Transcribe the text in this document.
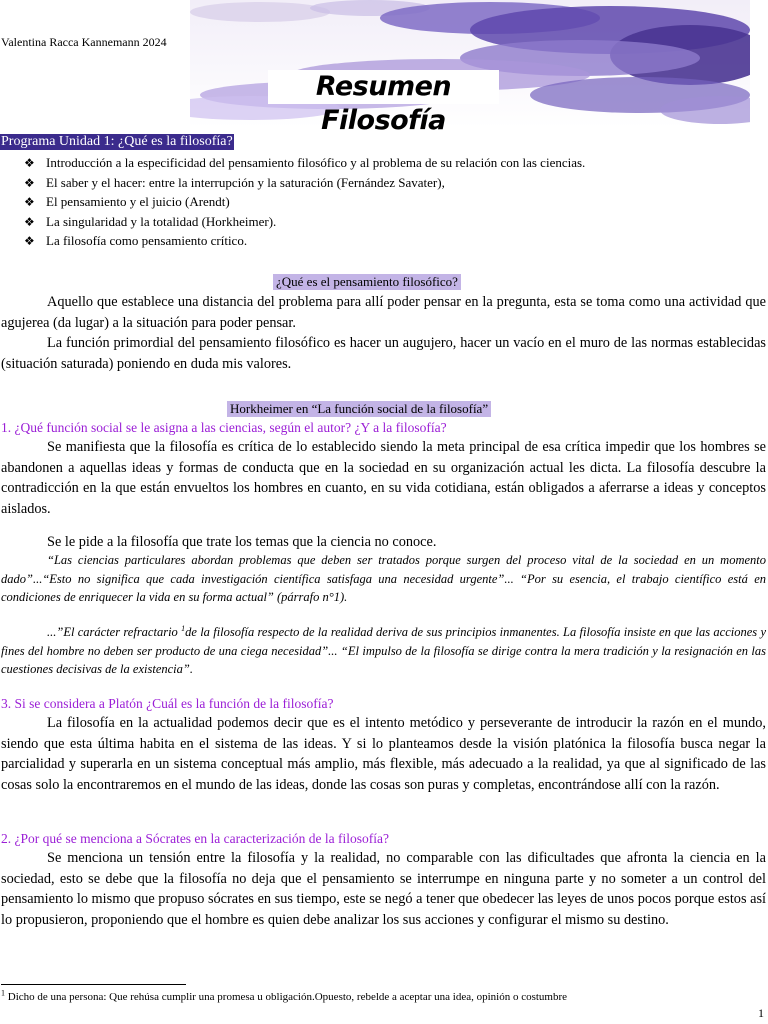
Valentina Racca Kannemann 2024
Resumen Filosofía
Programa Unidad 1: ¿Qué es la filosofía?
❖ Introducción a la especificidad del pensamiento filosófico y al problema de su relación con las ciencias.
❖ El saber y el hacer: entre la interrupción y la saturación (Fernández Savater),
❖ El pensamiento y el juicio (Arendt)
❖ La singularidad y la totalidad (Horkheimer).
❖ La filosofía como pensamiento crítico.
¿Qué es el pensamiento filosófico?

Aquello que establece una distancia del problema para allí poder pensar en la pregunta, esta se toma como una actividad que agujerea (da lugar) a la situación para poder pensar.

La función primordial del pensamiento filosófico es hacer un augujero, hacer un vacío en el muro de las normas establecidas (situación saturada) poniendo en duda mis valores.

Horkheimer en “La función social de la filosofía”
1. ¿Qué función social se le asigna a las ciencias, según el autor? ¿Y a la filosofía?

Se manifiesta que la filosofía es crítica de lo establecido siendo la meta principal de esa crítica impedir que los hombres se abandonen a aquellas ideas y formas de conducta que en la sociedad en su organización actual les dicta. La filosofía descubre la contradicción en la que están envueltos los hombres en cuanto, en su vida cotidiana, están obligados a aferrarse a ideas y conceptos aislados.

Se le pide a la filosofía que trate los temas que la ciencia no conoce.

“Las ciencias particulares abordan problemas que deben ser tratados porque surgen del proceso vital de la sociedad en un momento dado”...“Esto no significa que cada investigación científica satisfaga una necesidad urgente”... “Por su esencia, el trabajo científico está en condiciones de enriquecer la vida en su forma actual” (párrafo n°1).

...”El carácter refractario $^1$de la filosofía respecto de la realidad deriva de sus principios inmanentes. La filosofía insiste en que las acciones y fines del hombre no deben ser producto de una ciega necesidad”... “El impulso de la filosofía se dirige contra la mera tradición y la resignación en las cuestiones decisivas de la existencia”.

3. Si se considera a Platón ¿Cuál es la función de la filosofía?

La filosofía en la actualidad podemos decir que es el intento metódico y perseverante de introducir la razón en el mundo, siendo que esta última habita en el sistema de las ideas. Y si lo planteamos desde la visión platónica la filosofía busca negar la parcialidad y superarla en un sistema conceptual más amplio, más flexible, más adecuado a la realidad, ya que al significado de las cosas solo la encontraremos en el mundo de las ideas, donde las cosas son puras y completas, encontrándose allí con la razón.

2. ¿Por qué se menciona a Sócrates en la caracterización de la filosofía?

Se menciona un tensión entre la filosofía y la realidad, no comparable con las dificultades que afronta la ciencia en la sociedad, esto se debe que la filosofía no deja que el pensamiento se interrumpe en ninguna parte y no someter a un control del pensamiento lo mismo que propuso sócrates en sus tiempo, este se negó a tener que obedecer las leyes de unos pocos porque estos así lo propusieron, proponiendo que el hombre es quien debe analizar los sus acciones y configurar el mismo su destino.

$^1$ Dicho de una persona: Que rehúsa cumplir una promesa u obligación.Opuesto, rebelde a aceptar una idea, opinión o costumbre
1
